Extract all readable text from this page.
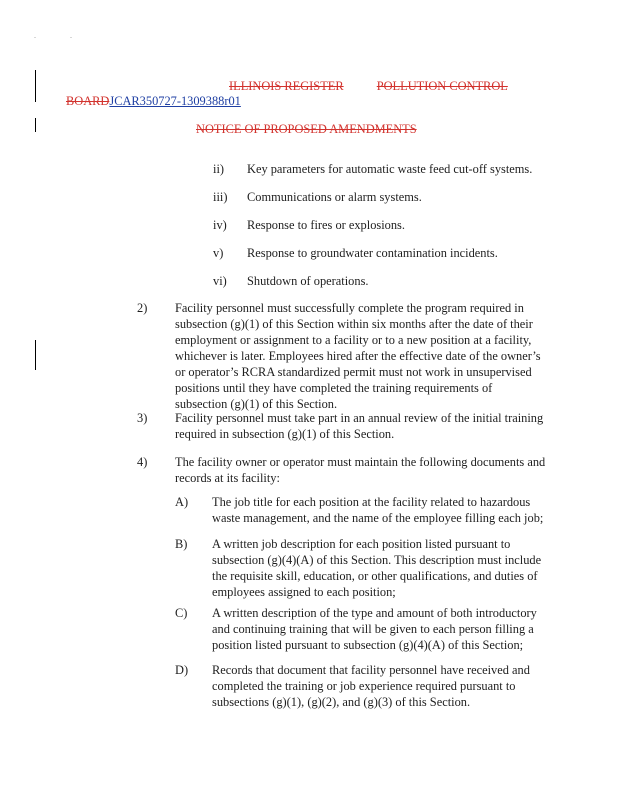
.	.
ILLINOIS REGISTER	POLLUTION CONTROL
BOARDJCAR350727-1309388r01
NOTICE OF PROPOSED AMENDMENTS
ii) Key parameters for automatic waste feed cut-off systems.
iii) Communications or alarm systems.
iv) Response to fires or explosions.
v) Response to groundwater contamination incidents.
vi) Shutdown of operations.
2) Facility personnel must successfully complete the program required in
subsection (g)(1) of this Section within six months after the date of their
employment or assignment to a facility or to a new position at a facility,
whichever is later. Employees hired after the effective date of the owner’s
or operator’s RCRA standardized permit must not work in unsupervised
positions until they have completed the training requirements of
subsection (g)(1) of this Section.
3) Facility personnel must take part in an annual review of the initial training
required in subsection (g)(1) of this Section.
4) The facility owner or operator must maintain the following documents and
records at its facility:
A) The job title for each position at the facility related to hazardous
waste management, and the name of the employee filling each job;
B) A written job description for each position listed pursuant to
subsection (g)(4)(A) of this Section. This description must include
the requisite skill, education, or other qualifications, and duties of
employees assigned to each position;
C) A written description of the type and amount of both introductory
and continuing training that will be given to each person filling a
position listed pursuant to subsection (g)(4)(A) of this Section;
D) Records that document that facility personnel have received and
completed the training or job experience required pursuant to
subsections (g)(1), (g)(2), and (g)(3) of this Section.
